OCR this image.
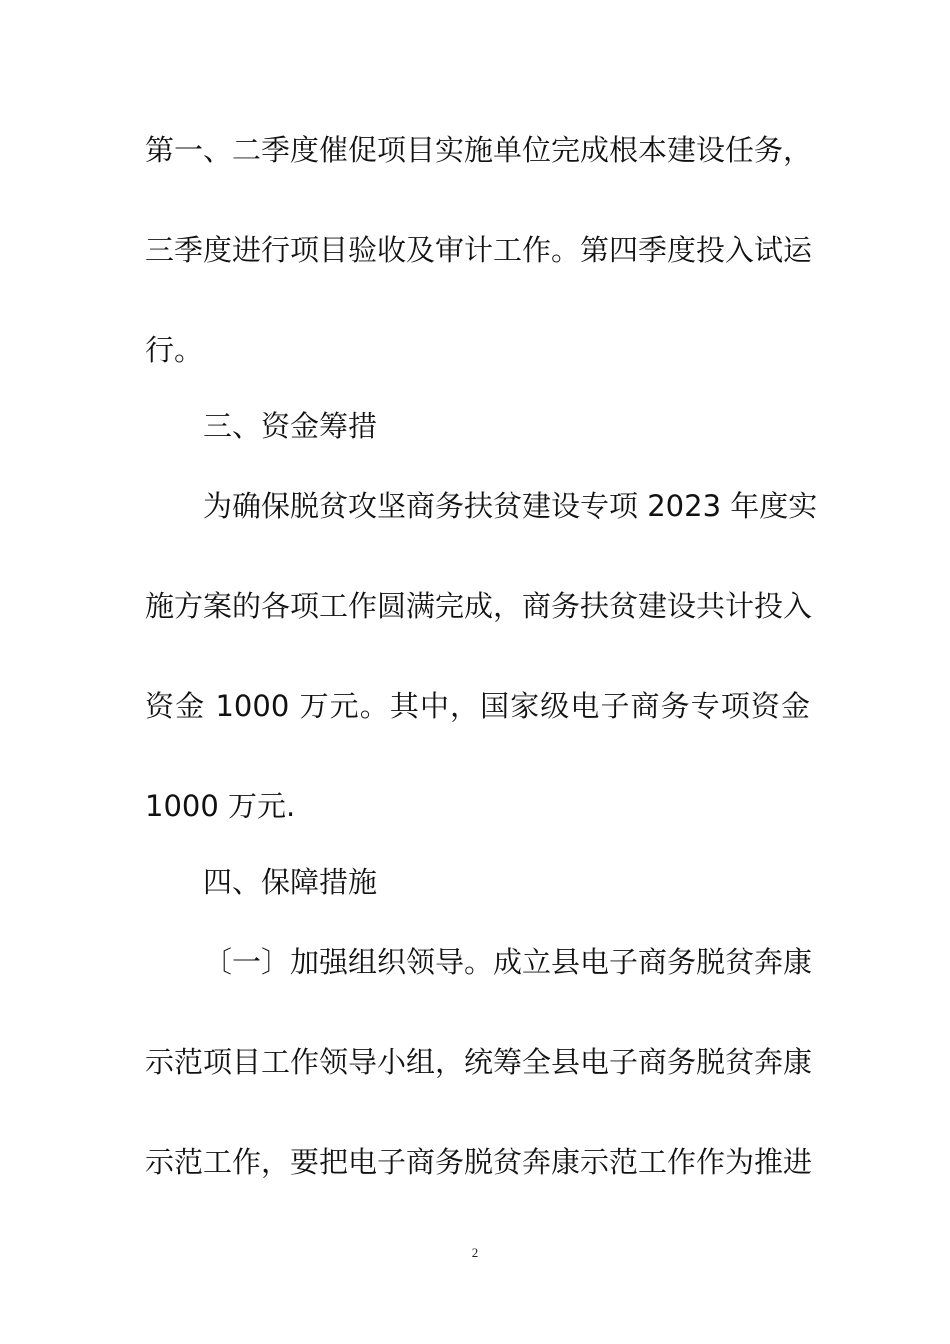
第一、二季度催促项目实施单位完成根本建设任务，
三季度进行项目验收及审计工作。第四季度投入试运
行。
三、资金筹措
为确保脱贫攻坚商务扶贫建设专项 2023 年度实
施方案的各项工作圆满完成，商务扶贫建设共计投入
资金 1000 万元。其中，国家级电子商务专项资金
1000 万元.
四、保障措施
〔一〕加强组织领导。成立县电子商务脱贫奔康
示范项目工作领导小组，统筹全县电子商务脱贫奔康
示范工作，要把电子商务脱贫奔康示范工作作为推进
2
